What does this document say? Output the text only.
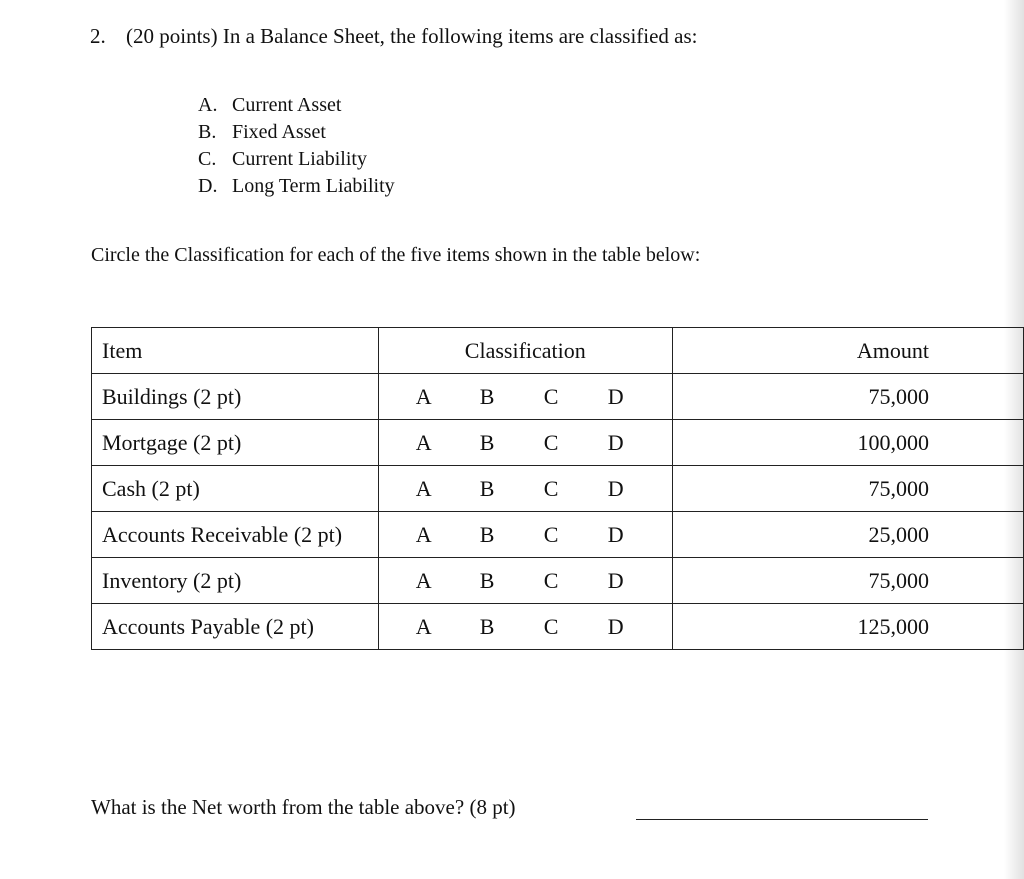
2. (20 points) In a Balance Sheet, the following items are classified as:
A. Current Asset
B. Fixed Asset
C. Current Liability
D. Long Term Liability
Circle the Classification for each of the five items shown in the table below:
Item	Classification	Amount
Buildings (2 pt)	A B C D	75,000
Mortgage (2 pt)	A B C D	100,000
Cash (2 pt)	A B C D	75,000
Accounts Receivable (2 pt)	A B C D	25,000
Inventory (2 pt)	A B C D	75,000
Accounts Payable (2 pt)	A B C D	125,000
What is the Net worth from the table above? (8 pt)
